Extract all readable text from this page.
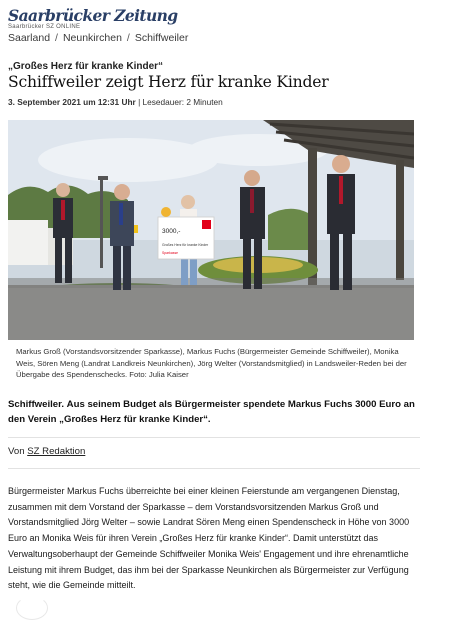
Saarbrücker Zeitung
Saarbrücker SZ ONLINE
Saarland / Neunkirchen / Schiffweiler
„Großes Herz für kranke Kinder“
Schiffweiler zeigt Herz für kranke Kinder
3. September 2021 um 12:31 Uhr | Lesedauer: 2 Minuten
3000,-
Großes Herz für kranke Kinder
Sparkasse
Markus Groß (Vorstandsvorsitzender Sparkasse), Markus Fuchs (Bürgermeister Gemeinde Schiffweiler), Monika Weis, Sören Meng (Landrat Landkreis Neunkirchen), Jörg Welter (Vorstandsmitglied) in Landsweiler-Reden bei der Übergabe des Spendenschecks. Foto: Julia Kaiser

Schiffweiler. Aus seinem Budget als Bürgermeister spendete Markus Fuchs 3000 Euro an den Verein „Großes Herz für kranke Kinder“.

Von SZ Redaktion

Bürgermeister Markus Fuchs überreichte bei einer kleinen Feierstunde am vergangenen Dienstag, zusammen mit dem Vorstand der Sparkasse – dem Vorstandsvorsitzenden Markus Groß und Vorstandsmitglied Jörg Welter – sowie Landrat Sören Meng einen Spendenscheck in Höhe von 3000 Euro an Monika Weis für ihren Verein „Großes Herz für kranke Kinder“. Damit unterstützt das Verwaltungsoberhaupt der Gemeinde Schiffweiler Monika Weis' Engagement und ihre ehrenamtliche Leistung mit ihrem Budget, das ihm bei der Sparkasse Neunkirchen als Bürgermeister zur Verfügung steht, wie die Gemeinde mitteilt.
